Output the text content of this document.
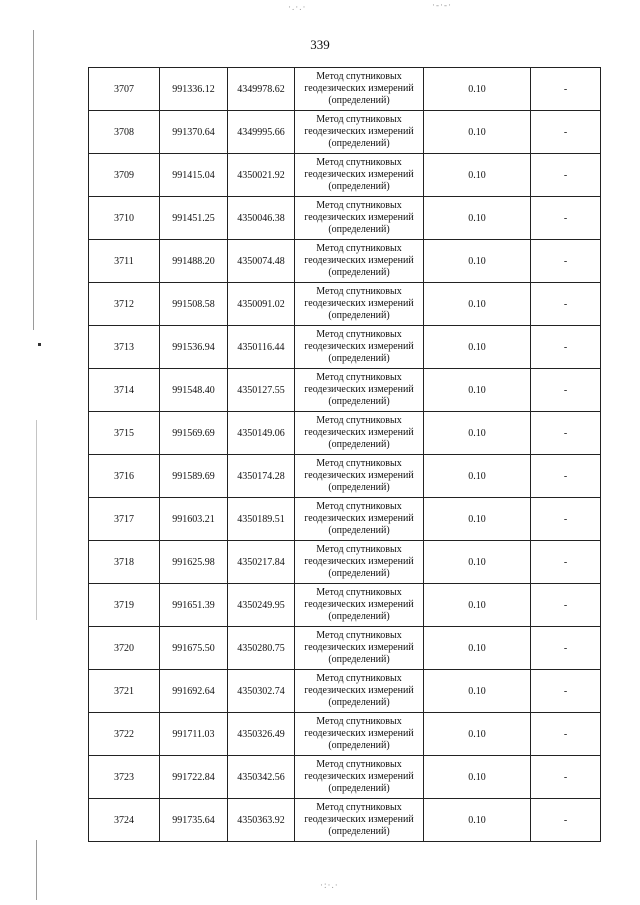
339
3707	991336.12	4349978.62	Метод спутниковых
геодезических измерений
(определений)	0.10	-
3708	991370.64	4349995.66	Метод спутниковых
геодезических измерений
(определений)	0.10	-
3709	991415.04	4350021.92	Метод спутниковых
геодезических измерений
(определений)	0.10	-
3710	991451.25	4350046.38	Метод спутниковых
геодезических измерений
(определений)	0.10	-
3711	991488.20	4350074.48	Метод спутниковых
геодезических измерений
(определений)	0.10	-
3712	991508.58	4350091.02	Метод спутниковых
геодезических измерений
(определений)	0.10	-
3713	991536.94	4350116.44	Метод спутниковых
геодезических измерений
(определений)	0.10	-
3714	991548.40	4350127.55	Метод спутниковых
геодезических измерений
(определений)	0.10	-
3715	991569.69	4350149.06	Метод спутниковых
геодезических измерений
(определений)	0.10	-
3716	991589.69	4350174.28	Метод спутниковых
геодезических измерений
(определений)	0.10	-
3717	991603.21	4350189.51	Метод спутниковых
геодезических измерений
(определений)	0.10	-
3718	991625.98	4350217.84	Метод спутниковых
геодезических измерений
(определений)	0.10	-
3719	991651.39	4350249.95	Метод спутниковых
геодезических измерений
(определений)	0.10	-
3720	991675.50	4350280.75	Метод спутниковых
геодезических измерений
(определений)	0.10	-
3721	991692.64	4350302.74	Метод спутниковых
геодезических измерений
(определений)	0.10	-
3722	991711.03	4350326.49	Метод спутниковых
геодезических измерений
(определений)	0.10	-
3723	991722.84	4350342.56	Метод спутниковых
геодезических измерений
(определений)	0.10	-
3724	991735.64	4350363.92	Метод спутниковых
геодезических измерений
(определений)	0.10	-
·.·.·	·‑·‑·
·:·.·
